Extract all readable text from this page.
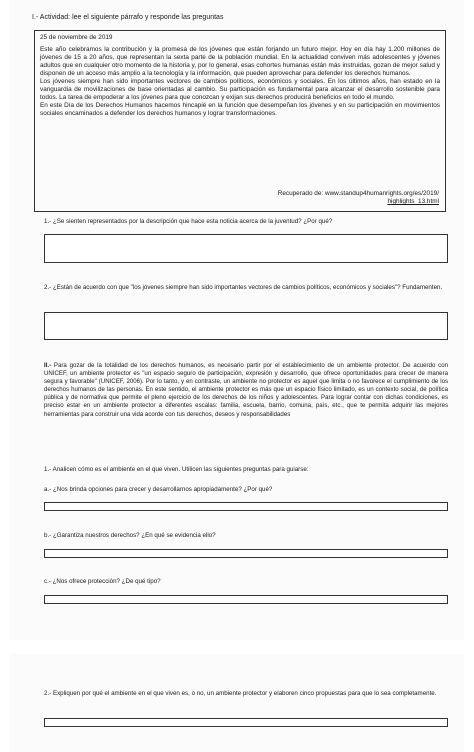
I.- Actividad: lee el siguiente párrafo y responde las preguntas
25 de noviembre de 2019

Este año celebramos la contribución y la promesa de los jóvenes que están forjando un futuro mejor. Hoy en día hay 1.200 millones de jóvenes de 15 a 20 años, que representan la sexta parte de la población mundial. En la actualidad conviven más adolescentes y jóvenes adultos que en cualquier otro momento de la historia y, por lo general, esas cohortes humanas están más instruidas, gozan de mejor salud y disponen de un acceso más amplio a la tecnología y la información, que pueden aprovechar para defender los derechos humanos.

Los jóvenes siempre han sido importantes vectores de cambios políticos, económicos y sociales. En los últimos años, han estado en la vanguardia de movilizaciones de base orientadas al cambio. Su participación es fundamental para alcanzar el desarrollo sostenible para todos. La tarea de empoderar a los jóvenes para que conozcan y exijan sus derechos producirá beneficios en todo el mundo.

En este Día de los Derechos Humanos hacemos hincapié en la función que desempeñan los jóvenes y en su participación en movimientos sociales encaminados a defender los derechos humanos y lograr transformaciones.

Recuperado de: www.standup4humanrights.org/es/2019/
highlights_13.html
1.- ¿Se sienten representados por la descripción que hace esta noticia acerca de la juventud? ¿Por qué?
2.- ¿Están de acuerdo con que "los jóvenes siempre han sido importantes vectores de cambios políticos, económicos y sociales"? Fundamenten.
II.- Para gozar de la totalidad de los derechos humanos, es necesario partir por el establecimiento de un ambiente protector. De acuerdo con UNICEF, un ambiente protector es "un espacio seguro de participación, expresión y desarrollo, que ofrece oportunidades para crecer de manera segura y favorable" (UNICEF, 2006). Por lo tanto, y en contraste, un ambiente no protector es aquel que limita o no favorece el cumplimiento de los derechos humanos de las personas. En este sentido, el ambiente protector es más que un espacio físico limitado, es un contexto social, de política pública y de normativa que permite el pleno ejercicio de los derechos de los niños y adolescentes. Para lograr contar con dichas condiciones, es preciso estar en un ambiente protector a diferentes escalas: familia, escuela, barrio, comuna, país, etc., que te permita adquirir las mejores herramientas para construir una vida acorde con tus derechos, deseos y responsabilidades
1.- Analicen cómo es el ambiente en el que viven. Utilicen las siguientes preguntas para guiarse:
a.- ¿Nos brinda opciones para crecer y desarrollarnos apropiadamente? ¿Por qué?
b.- ¿Garantiza nuestros derechos? ¿En qué se evidencia ello?
c.- ¿Nos ofrece protección? ¿De qué tipo?
2.- Expliquen por qué el ambiente en el que viven es, o no, un ambiente protector y elaboren cinco propuestas para que lo sea completamente.
